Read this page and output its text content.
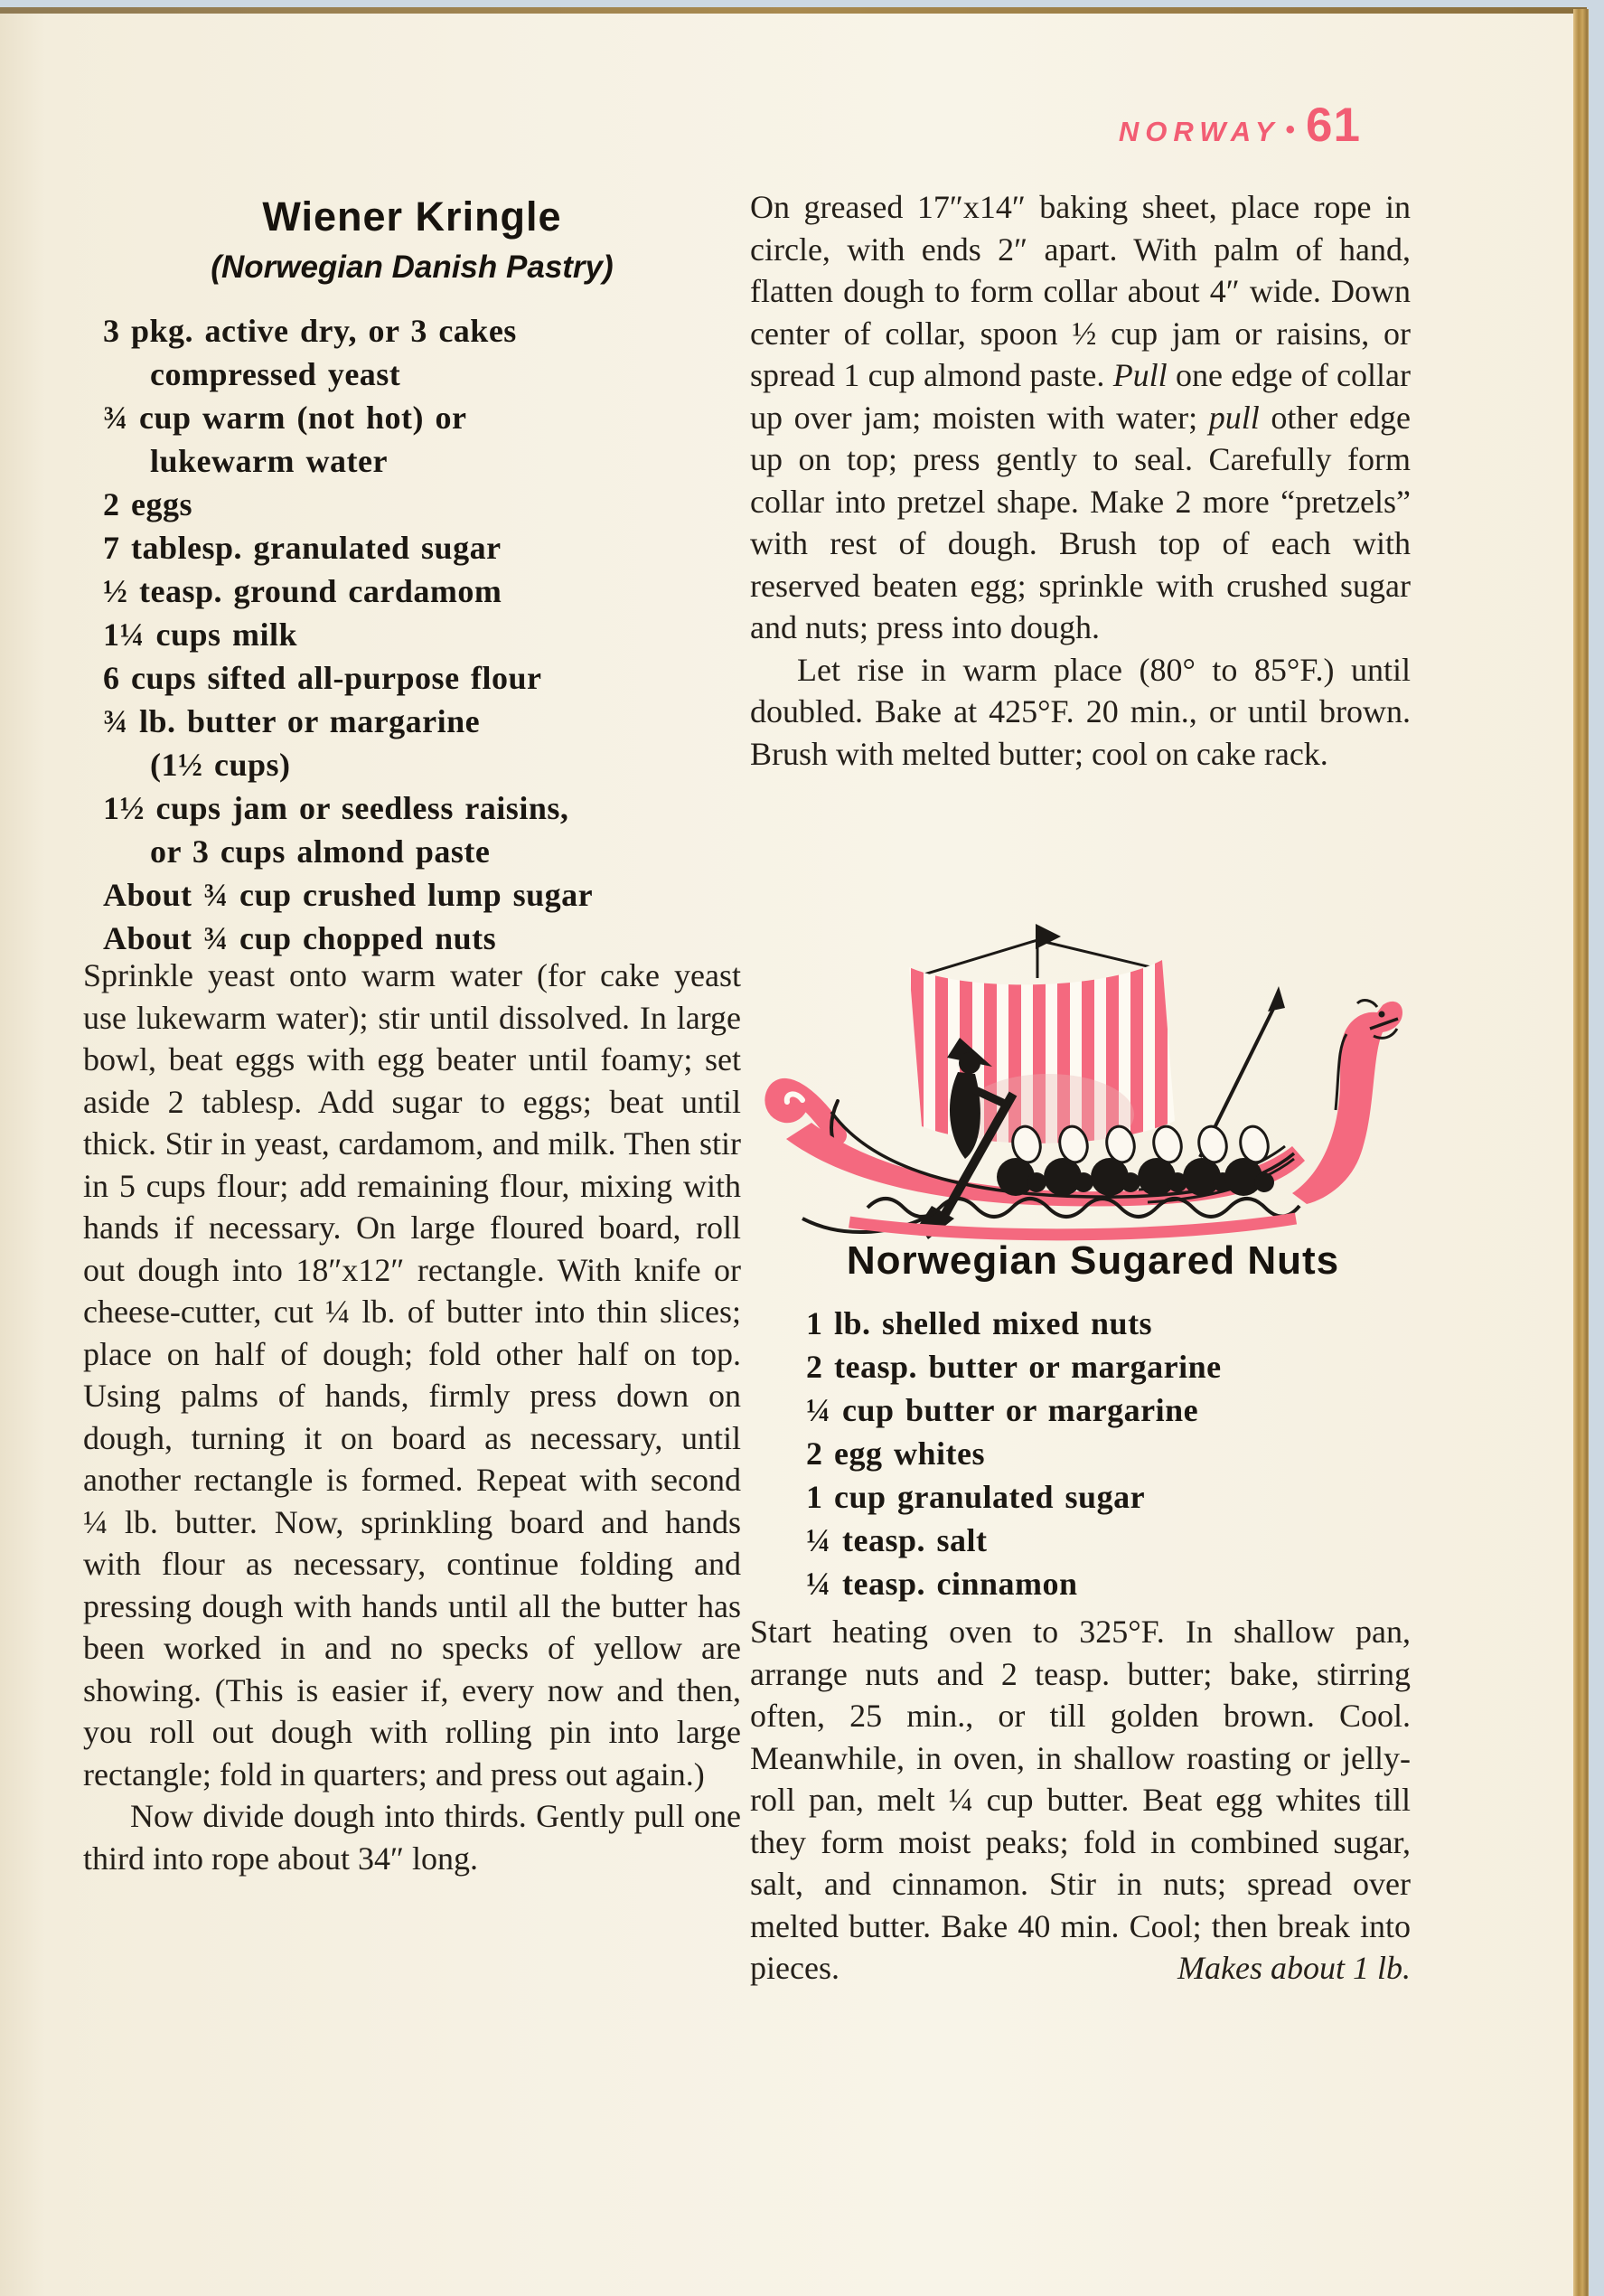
NORWAY • 61
Wiener Kringle
(Norwegian Danish Pastry)
3 pkg. active dry, or 3 cakes
compressed yeast
¾ cup warm (not hot) or
lukewarm water
2 eggs
7 tablesp. granulated sugar
½ teasp. ground cardamom
1¼ cups milk
6 cups sifted all-purpose flour
¾ lb. butter or margarine
(1½ cups)
1½ cups jam or seedless raisins,
or 3 cups almond paste
About ¾ cup crushed lump sugar
About ¾ cup chopped nuts

Sprinkle yeast onto warm water (for cake yeast use lukewarm water); stir until dissolved. In large bowl, beat eggs with egg beater until foamy; set aside 2 tablesp. Add sugar to eggs; beat until thick. Stir in yeast, cardamom, and milk. Then stir in 5 cups flour; add remaining flour, mixing with hands if necessary. On large floured board, roll out dough into 18″x12″ rectangle. With knife or cheese-cutter, cut ¼ lb. of butter into thin slices; place on half of dough; fold other half on top. Using palms of hands, firmly press down on dough, turning it on board as necessary, until another rectangle is formed. Repeat with second ¼ lb. butter. Now, sprinkling board and hands with flour as necessary, continue folding and pressing dough with hands until all the butter has been worked in and no specks of yellow are showing. (This is easier if, every now and then, you roll out dough with rolling pin into large rectangle; fold in quarters; and press out again.)

Now divide dough into thirds. Gently pull one third into rope about 34″ long.

On greased 17″x14″ baking sheet, place rope in circle, with ends 2″ apart. With palm of hand, flatten dough to form collar about 4″ wide. Down center of collar, spoon ½ cup jam or raisins, or spread 1 cup almond paste. Pull one edge of collar up over jam; moisten with water; pull other edge up on top; press gently to seal. Carefully form collar into pretzel shape. Make 2 more “pretzels” with rest of dough. Brush top of each with reserved beaten egg; sprinkle with crushed sugar and nuts; press into dough.

Let rise in warm place (80° to 85°F.) until doubled. Bake at 425°F. 20 min., or until brown. Brush with melted butter; cool on cake rack.

Norwegian Sugared Nuts
1 lb. shelled mixed nuts
2 teasp. butter or margarine
¼ cup butter or margarine
2 egg whites
1 cup granulated sugar
¼ teasp. salt
¼ teasp. cinnamon

Start heating oven to 325°F. In shallow pan, arrange nuts and 2 teasp. butter; bake, stirring often, 25 min., or till golden brown. Cool. Meanwhile, in oven, in shallow roasting or jelly-roll pan, melt ¼ cup butter. Beat egg whites till they form moist peaks; fold in combined sugar, salt, and cinnamon. Stir in nuts; spread over melted butter. Bake 40 min. Cool; then break into pieces.	Makes about 1 lb.
